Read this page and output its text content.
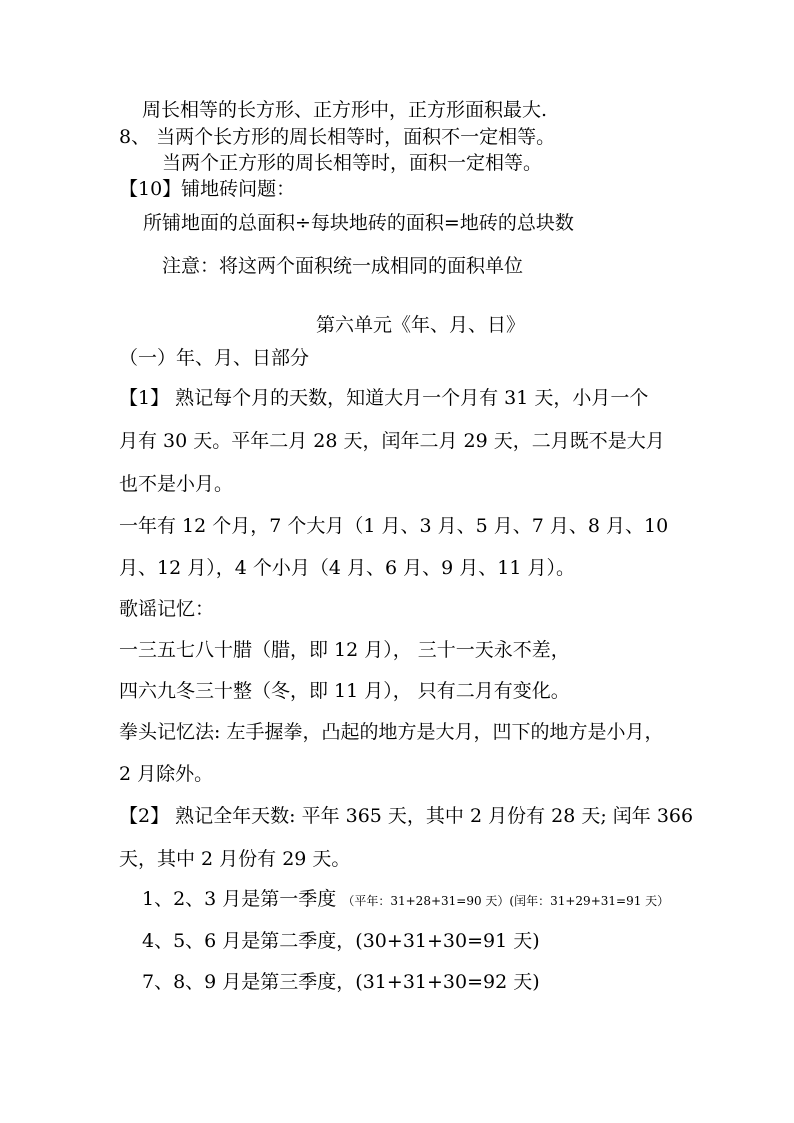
周长相等的长方形、正方形中，正方形面积最大.
8、 当两个长方形的周长相等时，面积不一定相等。
当两个正方形的周长相等时，面积一定相等。
【10】铺地砖问题：
所铺地面的总面积÷每块地砖的面积=地砖的总块数
注意：将这两个面积统一成相同的面积单位
第六单元《年、月、日》
（一）年、月、日部分
【1】 熟记每个月的天数，知道大月一个月有 31 天，小月一个
月有 30 天。平年二月 28 天，闰年二月 29 天，二月既不是大月
也不是小月。
一年有 12 个月，7 个大月（1 月、3 月、5 月、7 月、8 月、10
月、12 月），4 个小月（4 月、6 月、9 月、11 月）。
歌谣记忆：
一三五七八十腊（腊，即 12 月）， 三十一天永不差，
四六九冬三十整（冬，即 11 月）， 只有二月有变化。
拳头记忆法: 左手握拳，凸起的地方是大月，凹下的地方是小月，
2 月除外。
【2】 熟记全年天数: 平年 365 天，其中 2 月份有 28 天; 闰年 366
天，其中 2 月份有 29 天。
1、2、3 月是第一季度 （平年：31+28+31=90 天）(闰年：31+29+31=91 天）
4、5、6 月是第二季度，(30+31+30=91 天)
7、8、9 月是第三季度，(31+31+30=92 天)
